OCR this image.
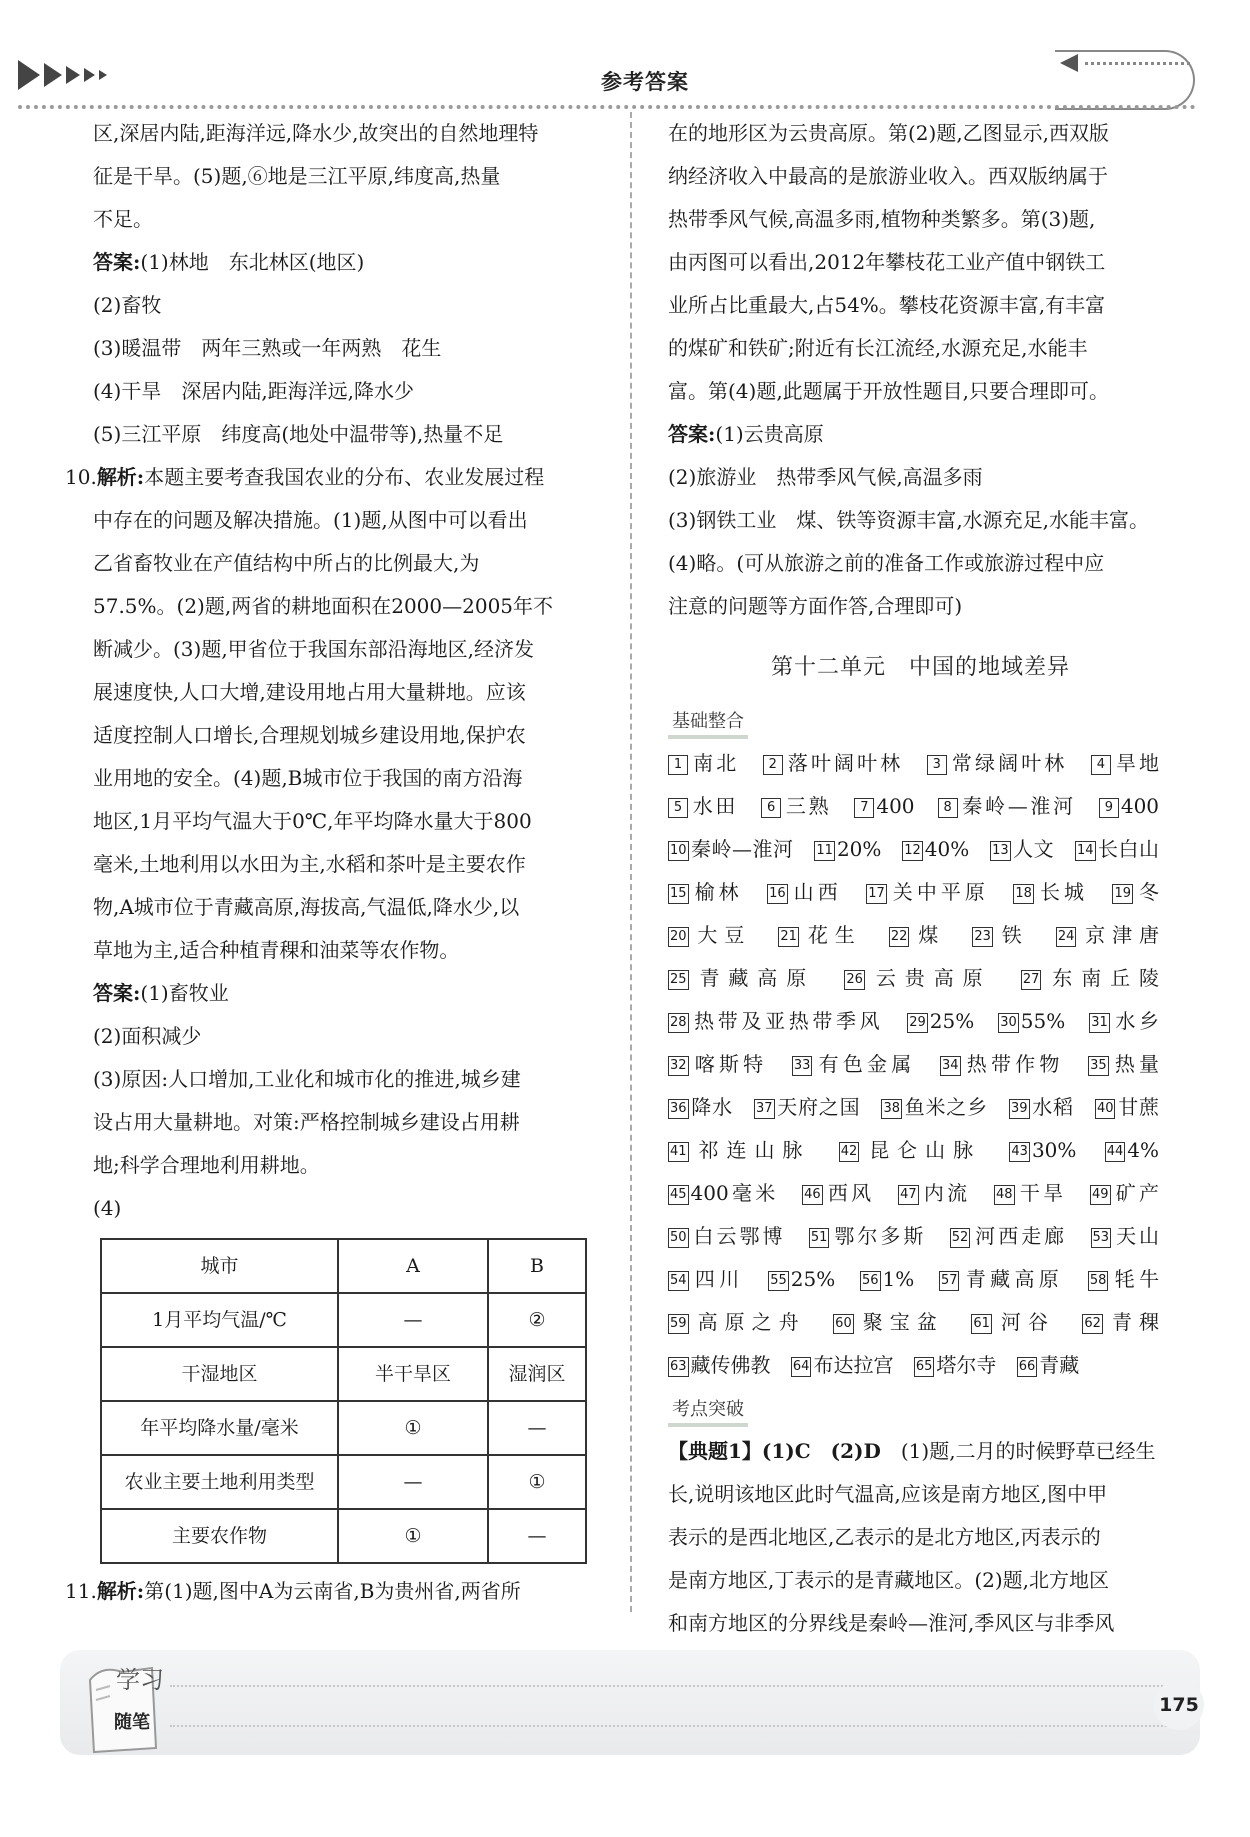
参考答案
区,深居内陆,距海洋远,降水少,故突出的自然地理特
征是干旱。(5)题,⑥地是三江平原,纬度高,热量
不足。
答案:(1)林地　东北林区(地区)
(2)畜牧
(3)暖温带　两年三熟或一年两熟　花生
(4)干旱　深居内陆,距海洋远,降水少
(5)三江平原　纬度高(地处中温带等),热量不足
10.解析:本题主要考查我国农业的分布、农业发展过程
中存在的问题及解决措施。(1)题,从图中可以看出
乙省畜牧业在产值结构中所占的比例最大,为
57.5%。(2)题,两省的耕地面积在2000—2005年不
断减少。(3)题,甲省位于我国东部沿海地区,经济发
展速度快,人口大增,建设用地占用大量耕地。应该
适度控制人口增长,合理规划城乡建设用地,保护农
业用地的安全。(4)题,B城市位于我国的南方沿海
地区,1月平均气温大于0℃,年平均降水量大于800
毫米,土地利用以水田为主,水稻和茶叶是主要农作
物,A城市位于青藏高原,海拔高,气温低,降水少,以
草地为主,适合种植青稞和油菜等农作物。
答案:(1)畜牧业
(2)面积减少
(3)原因:人口增加,工业化和城市化的推进,城乡建
设占用大量耕地。对策:严格控制城乡建设占用耕
地;科学合理地利用耕地。
(4)
城市	A	B
1月平均气温/℃	—	②
干湿地区	半干旱区	湿润区
年平均降水量/毫米	①	—
农业主要土地利用类型	—	①
主要农作物	①	—
11.解析:第(1)题,图中A为云南省,B为贵州省,两省所
在的地形区为云贵高原。第(2)题,乙图显示,西双版
纳经济收入中最高的是旅游业收入。西双版纳属于
热带季风气候,高温多雨,植物种类繁多。第(3)题,
由丙图可以看出,2012年攀枝花工业产值中钢铁工
业所占比重最大,占54%。攀枝花资源丰富,有丰富
的煤矿和铁矿;附近有长江流经,水源充足,水能丰
富。第(4)题,此题属于开放性题目,只要合理即可。
答案:(1)云贵高原
(2)旅游业　热带季风气候,高温多雨
(3)钢铁工业　煤、铁等资源丰富,水源充足,水能丰富。
(4)略。(可从旅游之前的准备工作或旅游过程中应
注意的问题等方面作答,合理即可)
第十二单元　中国的地域差异
基础整合
1 南北 2 落叶阔叶林 3 常绿阔叶林 4 旱地 5 水田 6 三熟 7 400 8 秦岭—淮河 9 400 10 秦岭—淮河 11 20% 12 40% 13 人文 14 长白山 15 榆林 16 山西 17 关中平原 18 长城 19 冬 20 大豆 21 花生 22 煤 23 铁 24 京津唐 25 青藏高原 26 云贵高原 27 东南丘陵 28 热带及亚热带季风 29 25% 30 55% 31 水乡 32 喀斯特 33 有色金属 34 热带作物 35 热量 36 降水 37 天府之国 38 鱼米之乡 39 水稻 40 甘蔗 41 祁连山脉 42 昆仑山脉 43 30% 44 4% 45 400毫米 46 西风 47 内流 48 干旱 49 矿产 50 白云鄂博 51 鄂尔多斯 52 河西走廊 53 天山 54 四川 55 25% 56 1% 57 青藏高原 58 牦牛 59 高原之舟 60 聚宝盆 61 河谷 62 青稞 63 藏传佛教 64 布达拉宫 65 塔尔寺 66 青藏
考点突破
【典题1】(1)C　(2)D　(1)题,二月的时候野草已经生
长,说明该地区此时气温高,应该是南方地区,图中甲
表示的是西北地区,乙表示的是北方地区,丙表示的
是南方地区,丁表示的是青藏地区。(2)题,北方地区
和南方地区的分界线是秦岭—淮河,季风区与非季风
学习
随笔
175
